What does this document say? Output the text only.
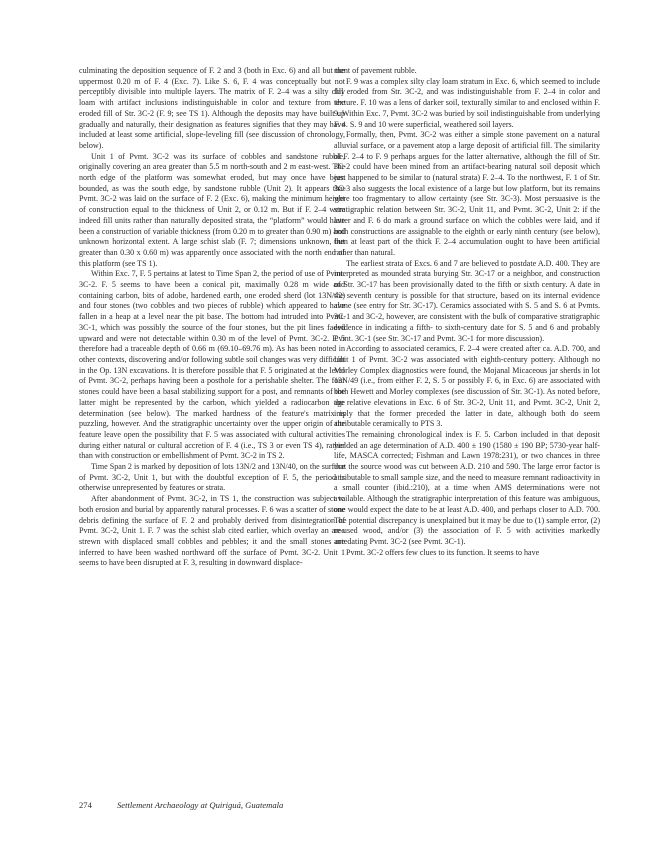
culminating the deposition sequence of F. 2 and 3 (both in Exc. 6) and all but the uppermost 0.20 m of F. 4 (Exc. 7). Like S. 6, F. 4 was conceptually but not perceptibly divisible into multiple layers. The matrix of F. 2–4 was a silty clay loam with artifact inclusions indistinguishable in color and texture from the eroded fill of Str. 3C-2 (F. 9; see TS 1). Although the deposits may have built up gradually and naturally, their designation as features signifies that they may have included at least some artificial, slope-leveling fill (see discussion of chronology, below).

Unit 1 of Pvmt. 3C-2 was its surface of cobbles and sandstone rubble, originally covering an area greater than 5.5 m north-south and 2 m east-west. The north edge of the platform was somewhat eroded, but may once have been bounded, as was the south edge, by sandstone rubble (Unit 2). It appears that Pvmt. 3C-2 was laid on the surface of F. 2 (Exc. 6), making the minimum height of construction equal to the thickness of Unit 2, or 0.12 m. But if F. 2–4 were indeed fill units rather than naturally deposited strata, the “platform” would have been a construction of variable thickness (from 0.20 m to greater than 0.90 m) and unknown horizontal extent. A large schist slab (F. 7; dimensions unknown, but greater than 0.30 x 0.60 m) was apparently once associated with the north end of this platform (see TS 1).

Within Exc. 7, F. 5 pertains at latest to Time Span 2, the period of use of Pvmt. 3C-2. F. 5 seems to have been a conical pit, maximally 0.28 m wide and containing carbon, bits of adobe, hardened earth, one eroded sherd (lot 13N/42) and four stones (two cobbles and two pieces of rubble) which appeared to have fallen in a heap at a level near the pit base. The bottom had intruded into Pvmt. 3C-1, which was possibly the source of the four stones, but the pit lines faded upward and were not detectable within 0.30 m of the level of Pvmt. 3C-2. F. 5 therefore had a traceable depth of 0.66 m (69.10–69.76 m). As has been noted in other contexts, discovering and/or following subtle soil changes was very difficult in the Op. 13N excavations. It is therefore possible that F. 5 originated at the level of Pvmt. 3C-2, perhaps having been a posthole for a perishable shelter. The four stones could have been a basal stabilizing support for a post, and remnants of the latter might be represented by the carbon, which yielded a radiocarbon age determination (see below). The marked hardness of the feature's matrix is puzzling, however. And the stratigraphic uncertainty over the upper origin of the feature leave open the possibility that F. 5 was associated with cultural activities during either natural or cultural accretion of F. 4 (i.e., TS 3 or even TS 4), rather than with construction or embellishment of Pvmt. 3C-2 in TS 2.

Time Span 2 is marked by deposition of lots 13N/2 and 13N/40, on the surface of Pvmt. 3C-2, Unit 1, but with the doubtful exception of F. 5, the period is otherwise unrepresented by features or strata.

After abandonment of Pvmt. 3C-2, in TS 1, the construction was subject to both erosion and burial by apparently natural processes. F. 6 was a scatter of stone debris defining the surface of F. 2 and probably derived from disintegration of Pvmt. 3C-2, Unit 1. F. 7 was the schist slab cited earlier, which overlay an area strewn with displaced small cobbles and pebbles; it and the small stones are inferred to have been washed northward off the surface of Pvmt. 3C-2. Unit 1 seems to have been disrupted at F. 3, resulting in downward displace-

ment of pavement rubble.

F. 9 was a complex silty clay loam stratum in Exc. 6, which seemed to include fill eroded from Str. 3C-2, and was indistinguishable from F. 2–4 in color and texture. F. 10 was a lens of darker soil, texturally similar to and enclosed within F. 9. Within Exc. 7, Pvmt. 3C-2 was buried by soil indistinguishable from underlying F. 4. S. 9 and 10 were superficial, weathered soil layers.

Formally, then, Pvmt. 3C-2 was either a simple stone pavement on a natural alluvial surface, or a pavement atop a large deposit of artificial fill. The similarity of F. 2–4 to F. 9 perhaps argues for the latter alternative, although the fill of Str. 3C-2 could have been mined from an artifact-bearing natural soil deposit which just happened to be similar to (natural strata) F. 2–4. To the northwest, F. 1 of Str. 3C-3 also suggests the local existence of a large but low platform, but its remains were too fragmentary to allow certainty (see Str. 3C-3). Most persuasive is the stratigraphic relation between Str. 3C-2, Unit 11, and Pvmt. 3C-2, Unit 2: if the latter and F. 6 do mark a ground surface on which the cobbles were laid, and if both constructions are assignable to the eighth or early ninth century (see below), then at least part of the thick F. 2–4 accumulation ought to have been artificial rather than natural.

The earliest strata of Excs. 6 and 7 are believed to postdate A.D. 400. They are interpreted as mounded strata burying Str. 3C-17 or a neighbor, and construction of Str. 3C-17 has been provisionally dated to the fifth or sixth century. A date in the seventh century is possible for that structure, based on its internal evidence alone (see entry for Str. 3C-17). Ceramics associated with S. 5 and S. 6 at Pvmts. 3C-1 and 3C-2, however, are consistent with the bulk of comparative stratigraphic evidence in indicating a fifth- to sixth-century date for S. 5 and 6 and probably Pvmt. 3C-1 (see Str. 3C-17 and Pvmt. 3C-1 for more discussion).

According to associated ceramics, F. 2–4 were created after ca. A.D. 700, and Unit 1 of Pvmt. 3C-2 was associated with eighth-century pottery. Although no Morley Complex diagnostics were found, the Mojanal Micaceous jar sherds in lot 13N/49 (i.e., from either F. 2, S. 5 or possibly F. 6, in Exc. 6) are associated with both Hewett and Morley complexes (see discussion of Str. 3C-1). As noted before, the relative elevations in Exc. 6 of Str. 3C-2, Unit 11, and Pvmt. 3C-2, Unit 2, imply that the former preceded the latter in date, although both do seem attributable ceramically to PTS 3.

The remaining chronological index is F. 5. Carbon included in that deposit yielded an age determination of A.D. 400 ± 190 (1580 ± 190 BP; 5730-year half-life, MASCA corrected; Fishman and Lawn 1978:231), or two chances in three that the source wood was cut between A.D. 210 and 590. The large error factor is attributable to small sample size, and the need to measure remnant radioactivity in a small counter (ibid.:210), at a time when AMS determinations were not available. Although the stratigraphic interpretation of this feature was ambiguous, one would expect the date to be at least A.D. 400, and perhaps closer to A.D. 700. The potential discrepancy is unexplained but it may be due to (1) sample error, (2) re-used wood, and/or (3) the association of F. 5 with activities markedly antedating Pvmt. 3C-2 (see Pvmt. 3C-1).

Pvmt. 3C-2 offers few clues to its function. It seems to have

274	Settlement Archaeology at Quiriguá, Guatemala
